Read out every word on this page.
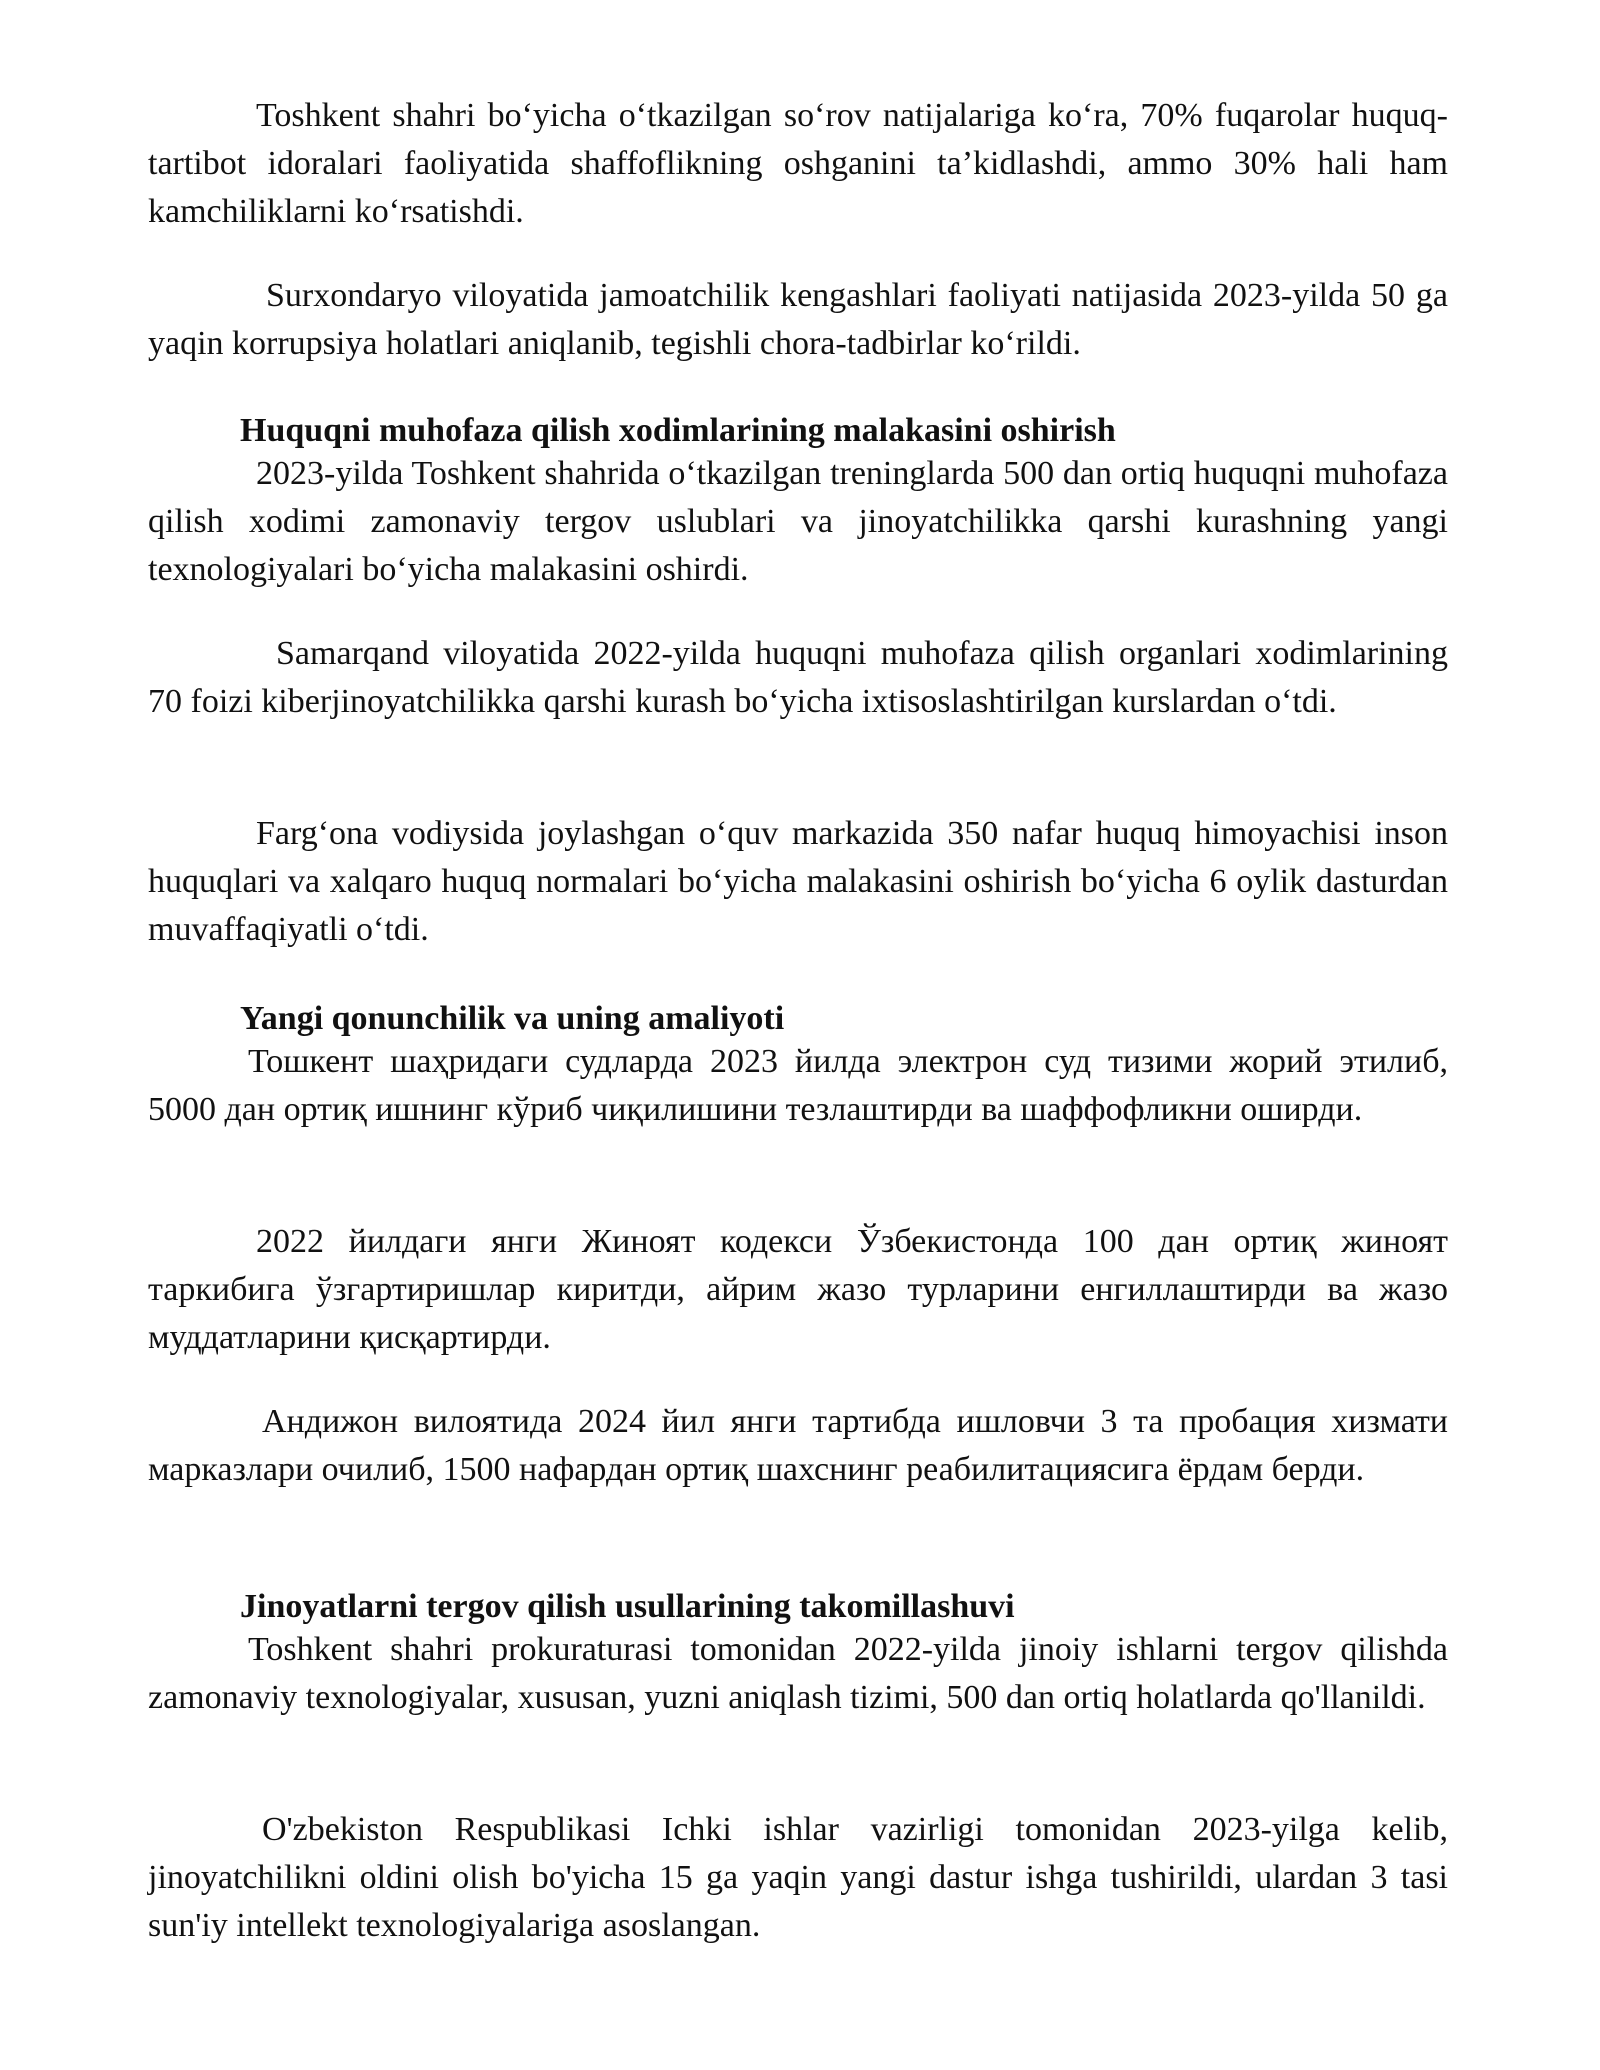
Toshkent shahri bo‘yicha o‘tkazilgan so‘rov natijalariga ko‘ra, 70% fuqarolar huquq-tartibot idoralari faoliyatida shaffoflikning oshganini ta’kidlashdi, ammo 30% hali ham kamchiliklarni ko‘rsatishdi.

Surxondaryo viloyatida jamoatchilik kengashlari faoliyati natijasida 2023-yilda 50 ga yaqin korrupsiya holatlari aniqlanib, tegishli chora-tadbirlar ko‘rildi.

Huquqni muhofaza qilish xodimlarining malakasini oshirish

2023-yilda Toshkent shahrida o‘tkazilgan treninglarda 500 dan ortiq huquqni muhofaza qilish xodimi zamonaviy tergov uslublari va jinoyatchilikka qarshi kurashning yangi texnologiyalari bo‘yicha malakasini oshirdi.

Samarqand viloyatida 2022-yilda huquqni muhofaza qilish organlari xodimlarining 70 foizi kiberjinoyatchilikka qarshi kurash bo‘yicha ixtisoslashtirilgan kurslardan o‘tdi.

Farg‘ona vodiysida joylashgan o‘quv markazida 350 nafar huquq himoyachisi inson huquqlari va xalqaro huquq normalari bo‘yicha malakasini oshirish bo‘yicha 6 oylik dasturdan muvaffaqiyatli o‘tdi.

Yangi qonunchilik va uning amaliyoti

Тошкент шаҳридаги судларда 2023 йилда электрон суд тизими жорий этилиб, 5000 дан ортиқ ишнинг кўриб чиқилишини тезлаштирди ва шаффофликни оширди.

2022 йилдаги янги Жиноят кодекси Ўзбекистонда 100 дан ортиқ жиноят таркибига ўзгартиришлар киритди, айрим жазо турларини енгиллаштирди ва жазо муддатларини қисқартирди.

Андижон вилоятида 2024 йил янги тартибда ишловчи 3 та пробация хизмати марказлари очилиб, 1500 нафардан ортиқ шахснинг реабилитациясига ёрдам берди.

Jinoyatlarni tergov qilish usullarining takomillashuvi

Toshkent shahri prokuraturasi tomonidan 2022-yilda jinoiy ishlarni tergov qilishda zamonaviy texnologiyalar, xususan, yuzni aniqlash tizimi, 500 dan ortiq holatlarda qo'llanildi.

O'zbekiston Respublikasi Ichki ishlar vazirligi tomonidan 2023-yilga kelib, jinoyatchilikni oldini olish bo'yicha 15 ga yaqin yangi dastur ishga tushirildi, ulardan 3 tasi sun'iy intellekt texnologiyalariga asoslangan.
